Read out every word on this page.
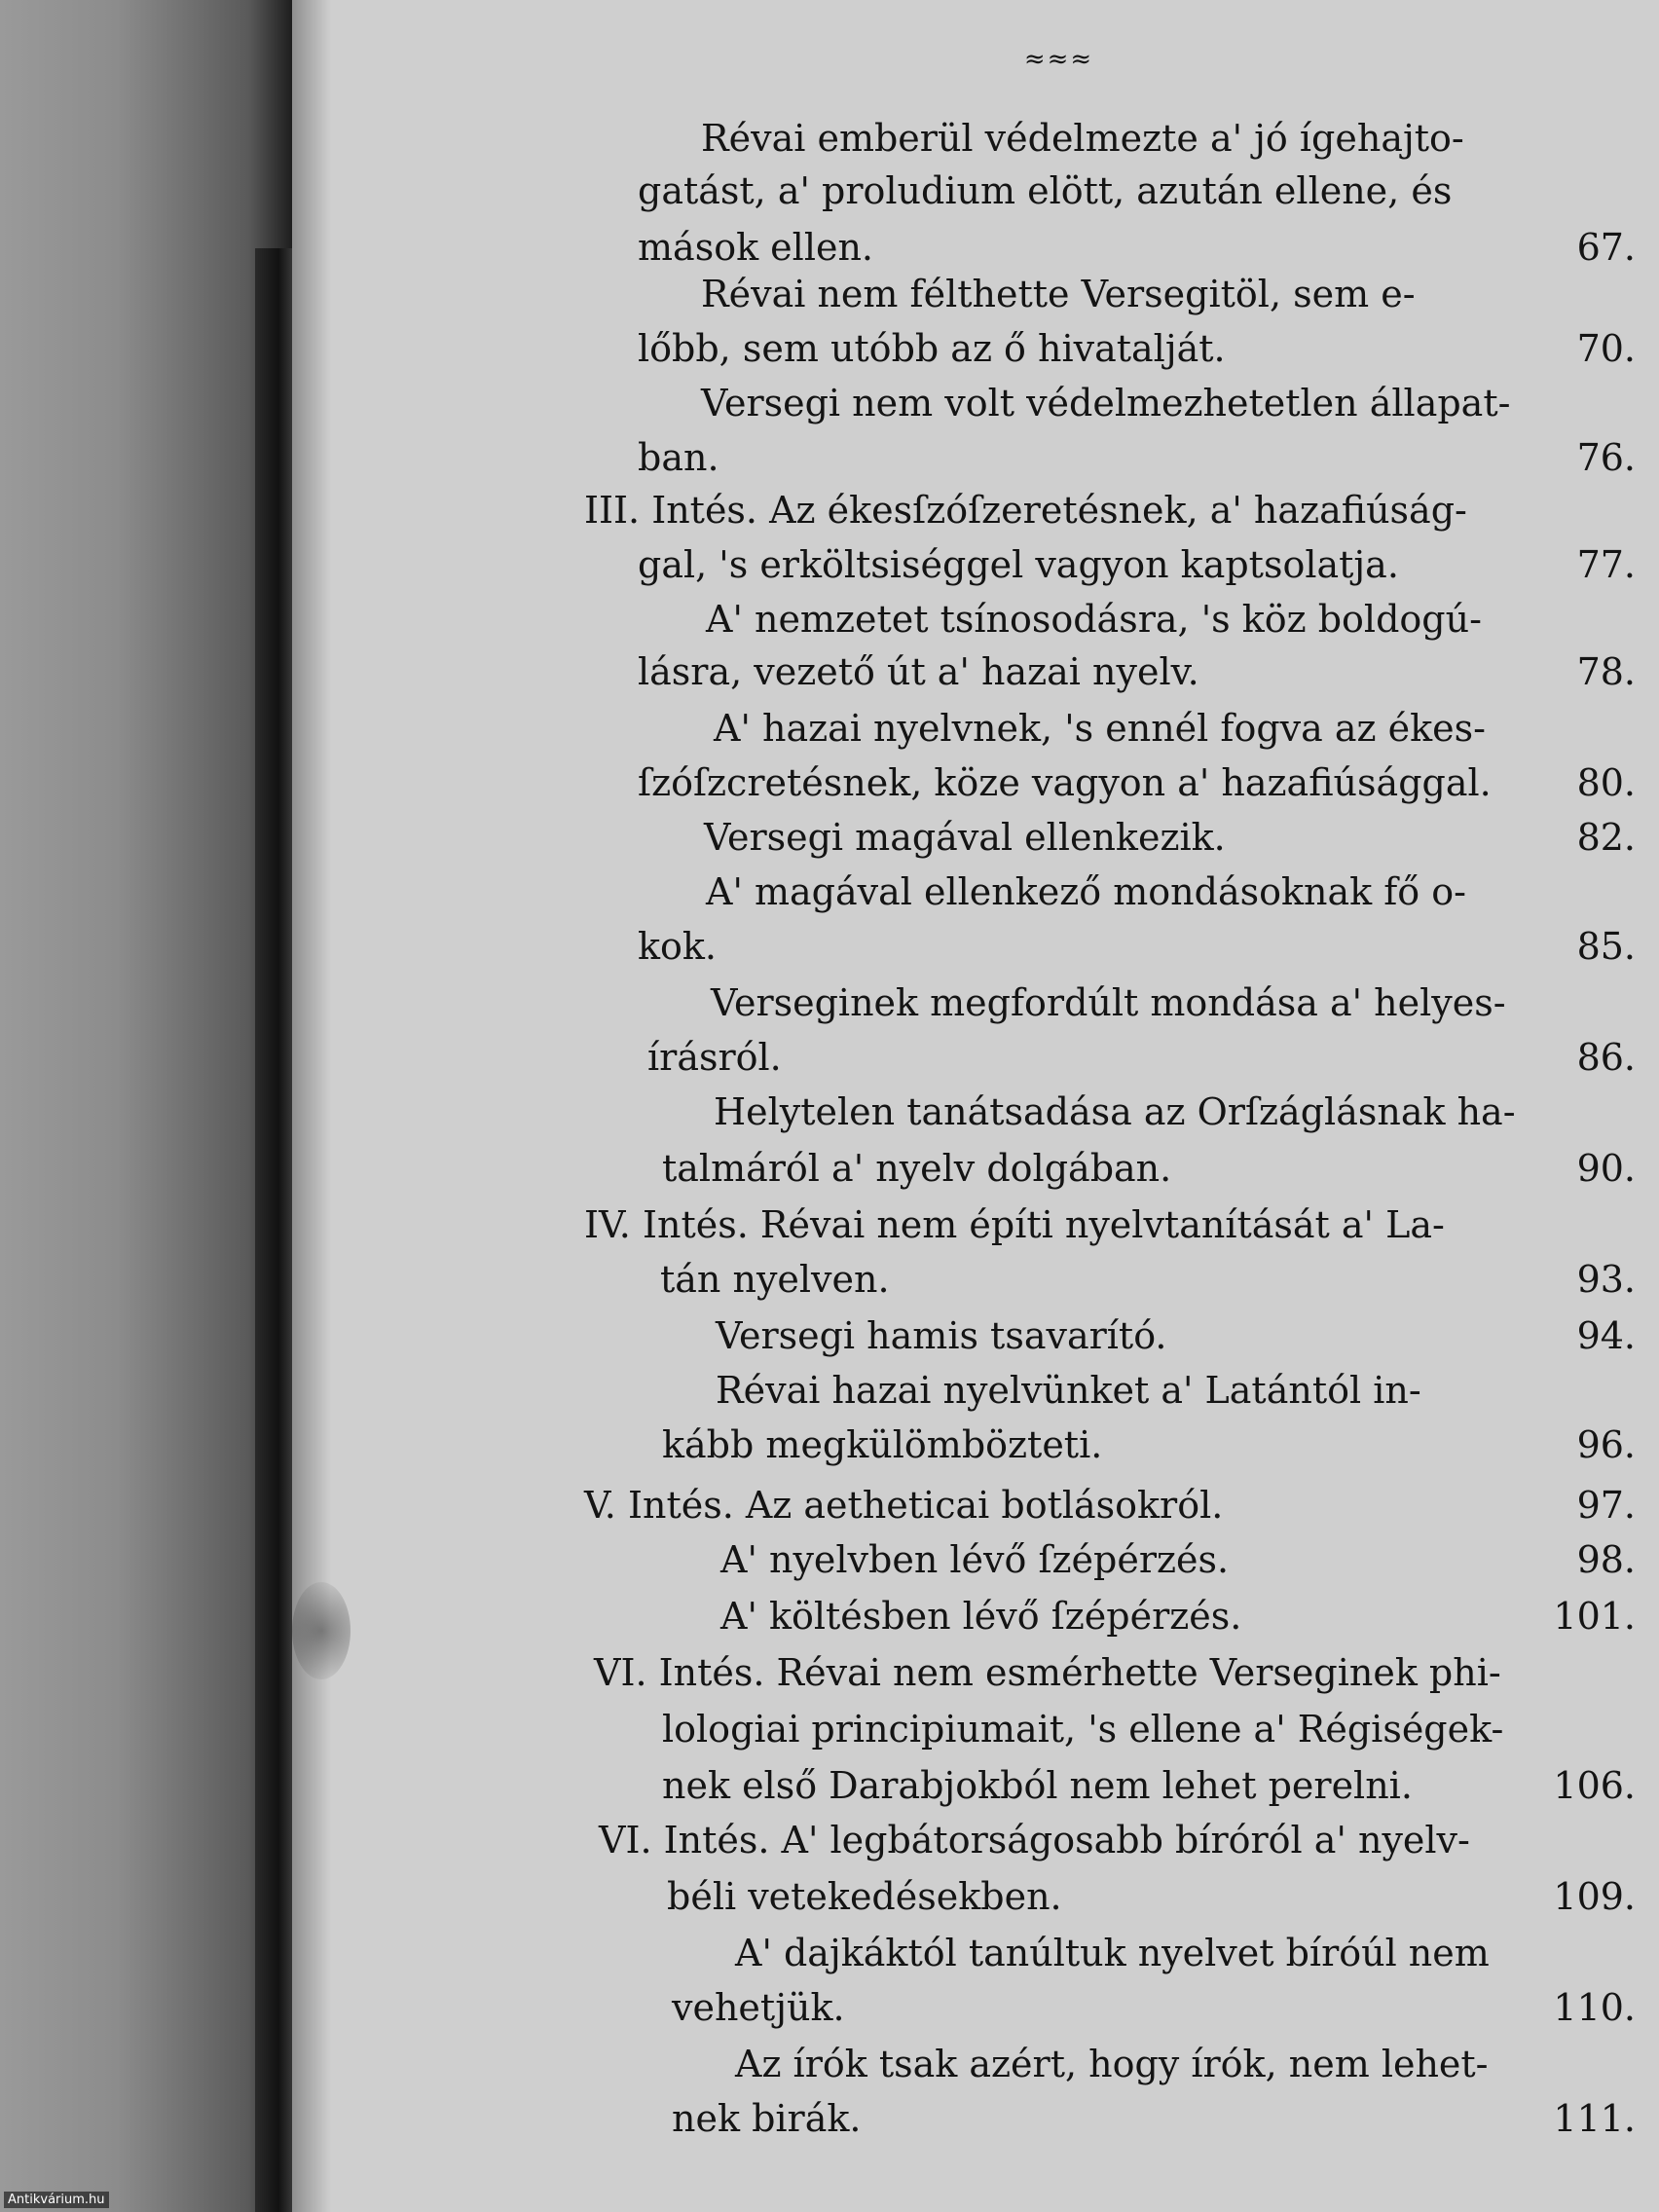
≈≈≈
Révai emberül védelmezte a' jó ígehajto-
gatást, a' proludium elött, azután ellene, és
mások ellen.	67.
Révai nem félthette Versegitöl, sem e-
lőbb, sem utóbb az ő hivatalját.	70.
Versegi nem volt védelmezhetetlen állapat-
ban.	76.
III. Intés. Az ékesſzóſzeretésnek, a' hazafiúság-
gal, 's erköltsiséggel vagyon kaptsolatja.	77.
A' nemzetet tsínosodásra, 's köz boldogú-
lásra, vezető út a' hazai nyelv.	78.
A' hazai nyelvnek, 's ennél fogva az ékes-
ſzóſzcretésnek, köze vagyon a' hazafiúsággal. 80.
Versegi magával ellenkezik.	82.
A' magával ellenkező mondásoknak fő o-
kok.	85.
Verseginek megfordúlt mondása a' helyes-
írásról.	86.
Helytelen tanátsadása az Orſzáglásnak ha-
talmáról a' nyelv dolgában.	90.
IV. Intés. Révai nem építi nyelvtanítását a' La-
tán nyelven.	93.
Versegi hamis tsavarító.	94.
Révai hazai nyelvünket a' Latántól in-
kább megkülömbözteti.	96.
V. Intés. Az aetheticai botlásokról.	97.
A' nyelvben lévő ſzépérzés.	98.
A' költésben lévő ſzépérzés.	101.
VI. Intés. Révai nem esmérhette Verseginek phi-
lologiai principiumait, 's ellene a' Régiségek-
nek első Darabjokból nem lehet perelni.	106.
VI. Intés. A' legbátorságosabb bíróról a' nyelv-
béli vetekedésekben.	109.
A' dajkáktól tanúltuk nyelvet bíróúl nem
vehetjük.	110.
Az írók tsak azért, hogy írók, nem lehet-
nek birák.	111.
Antikvárium.hu
